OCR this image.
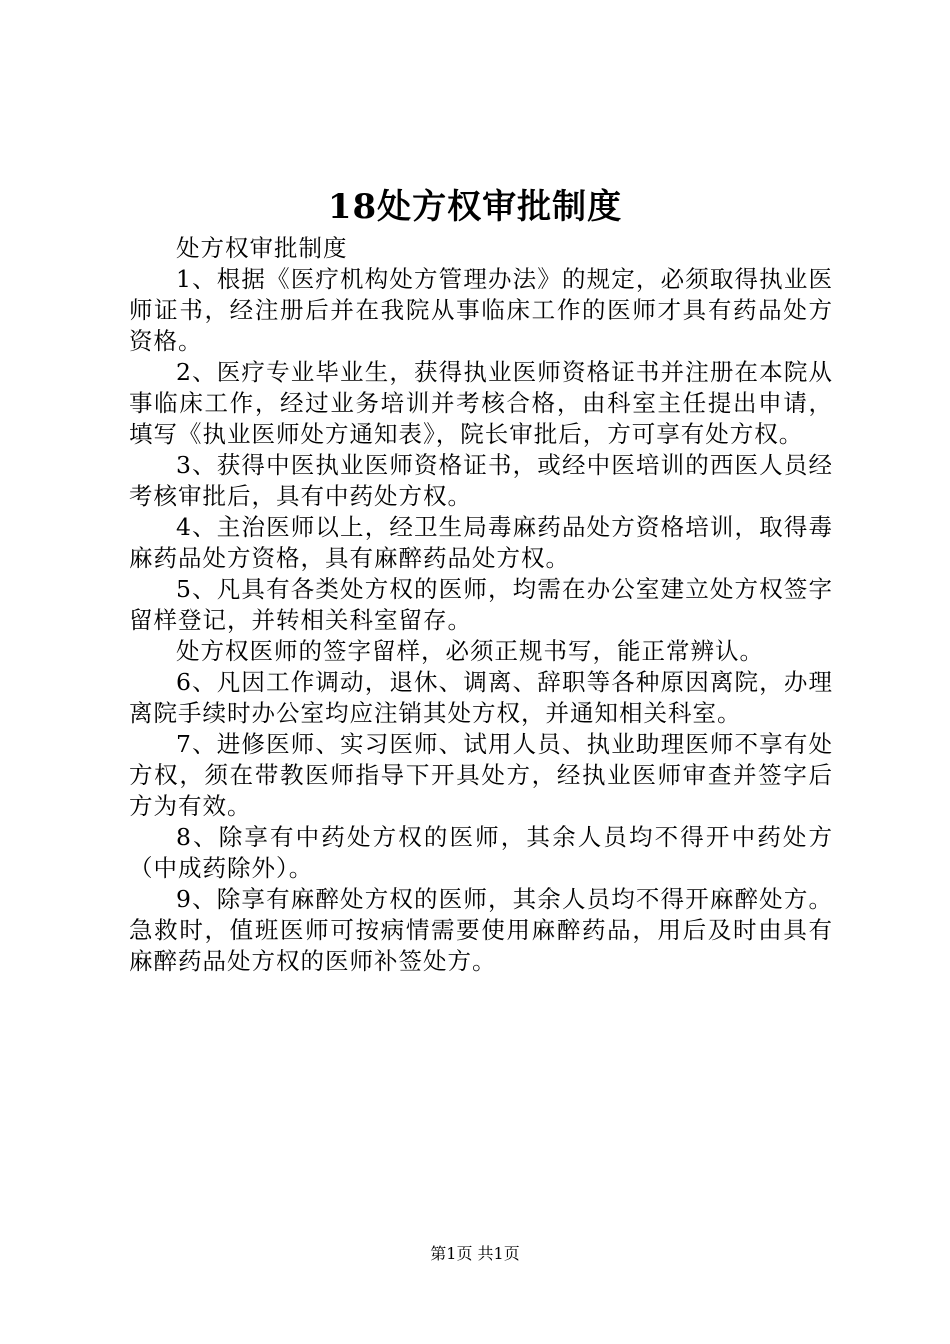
18处方权审批制度

处方权审批制度

1、根据《医疗机构处方管理办法》的规定，必须取得执业医师证书，经注册后并在我院从事临床工作的医师才具有药品处方资格。

2、医疗专业毕业生，获得执业医师资格证书并注册在本院从事临床工作，经过业务培训并考核合格，由科室主任提出申请，填写《执业医师处方通知表》，院长审批后，方可享有处方权。

3、获得中医执业医师资格证书，或经中医培训的西医人员经考核审批后，具有中药处方权。

4、主治医师以上，经卫生局毒麻药品处方资格培训，取得毒麻药品处方资格，具有麻醉药品处方权。

5、凡具有各类处方权的医师，均需在办公室建立处方权签字留样登记，并转相关科室留存。

处方权医师的签字留样，必须正规书写，能正常辨认。

6、凡因工作调动，退休、调离、辞职等各种原因离院，办理离院手续时办公室均应注销其处方权，并通知相关科室。

7、进修医师、实习医师、试用人员、执业助理医师不享有处方权，须在带教医师指导下开具处方，经执业医师审查并签字后方为有效。

8、除享有中药处方权的医师，其余人员均不得开中药处方（中成药除外）。

9、除享有麻醉处方权的医师，其余人员均不得开麻醉处方。急救时，值班医师可按病情需要使用麻醉药品，用后及时由具有麻醉药品处方权的医师补签处方。

第1页 共1页
